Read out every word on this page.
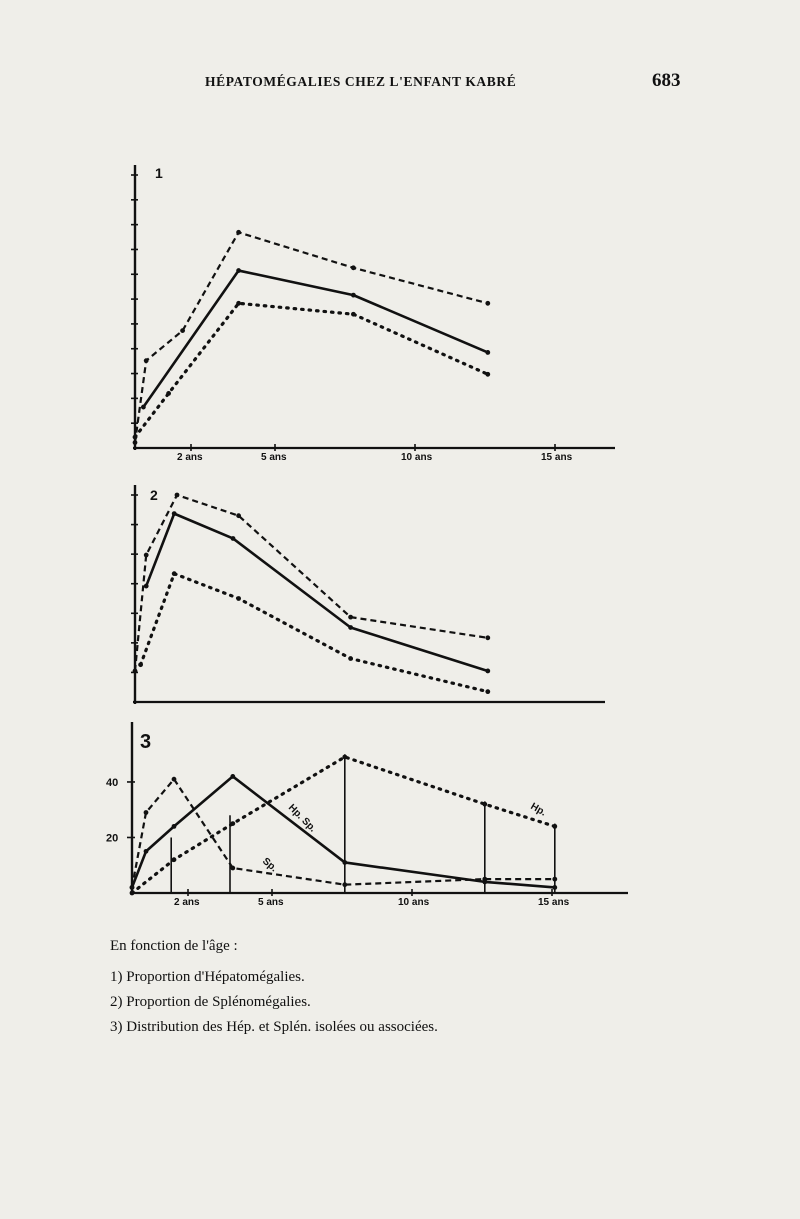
HÉPATOMÉGALIES CHEZ L'ENFANT KABRÉ	683
1
2 ans	5 ans	10 ans	15 ans
2
3
20
40
2 ans	5 ans	10 ans	15 ans
Hp. Sp.
Sp.
Hp.

En fonction de l'âge :

1) Proportion d'Hépatomégalies.

2) Proportion de Splénomégalies.

3) Distribution des Hép. et Splén. isolées ou associées.
